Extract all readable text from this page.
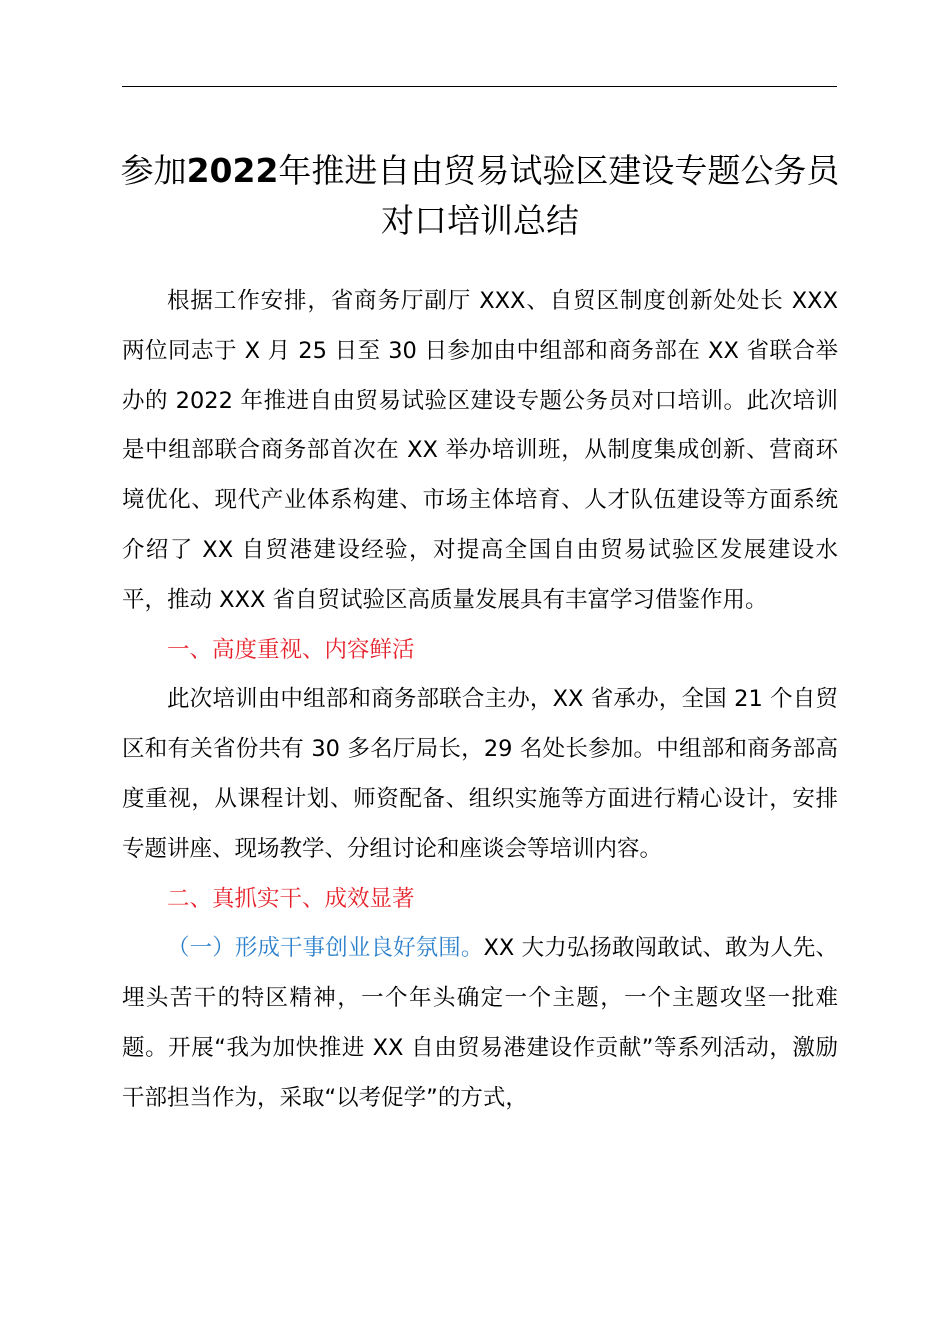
参加2022年推进自由贸易试验区建设专题公务员对口培训总结

根据工作安排，省商务厅副厅 XXX、自贸区制度创新处处长 XXX 两位同志于 X 月 25 日至 30 日参加由中组部和商务部在 XX 省联合举办的 2022 年推进自由贸易试验区建设专题公务员对口培训。此次培训是中组部联合商务部首次在 XX 举办培训班，从制度集成创新、营商环境优化、现代产业体系构建、市场主体培育、人才队伍建设等方面系统介绍了 XX 自贸港建设经验，对提高全国自由贸易试验区发展建设水平，推动 XXX 省自贸试验区高质量发展具有丰富学习借鉴作用。

一、高度重视、内容鲜活

此次培训由中组部和商务部联合主办，XX 省承办，全国 21 个自贸区和有关省份共有 30 多名厅局长，29 名处长参加。中组部和商务部高度重视，从课程计划、师资配备、组织实施等方面进行精心设计，安排专题讲座、现场教学、分组讨论和座谈会等培训内容。

二、真抓实干、成效显著

（一）形成干事创业良好氛围。XX 大力弘扬敢闯敢试、敢为人先、埋头苦干的特区精神，一个年头确定一个主题，一个主题攻坚一批难题。开展“我为加快推进 XX 自由贸易港建设作贡献”等系列活动，激励干部担当作为，采取“以考促学”的方式，
